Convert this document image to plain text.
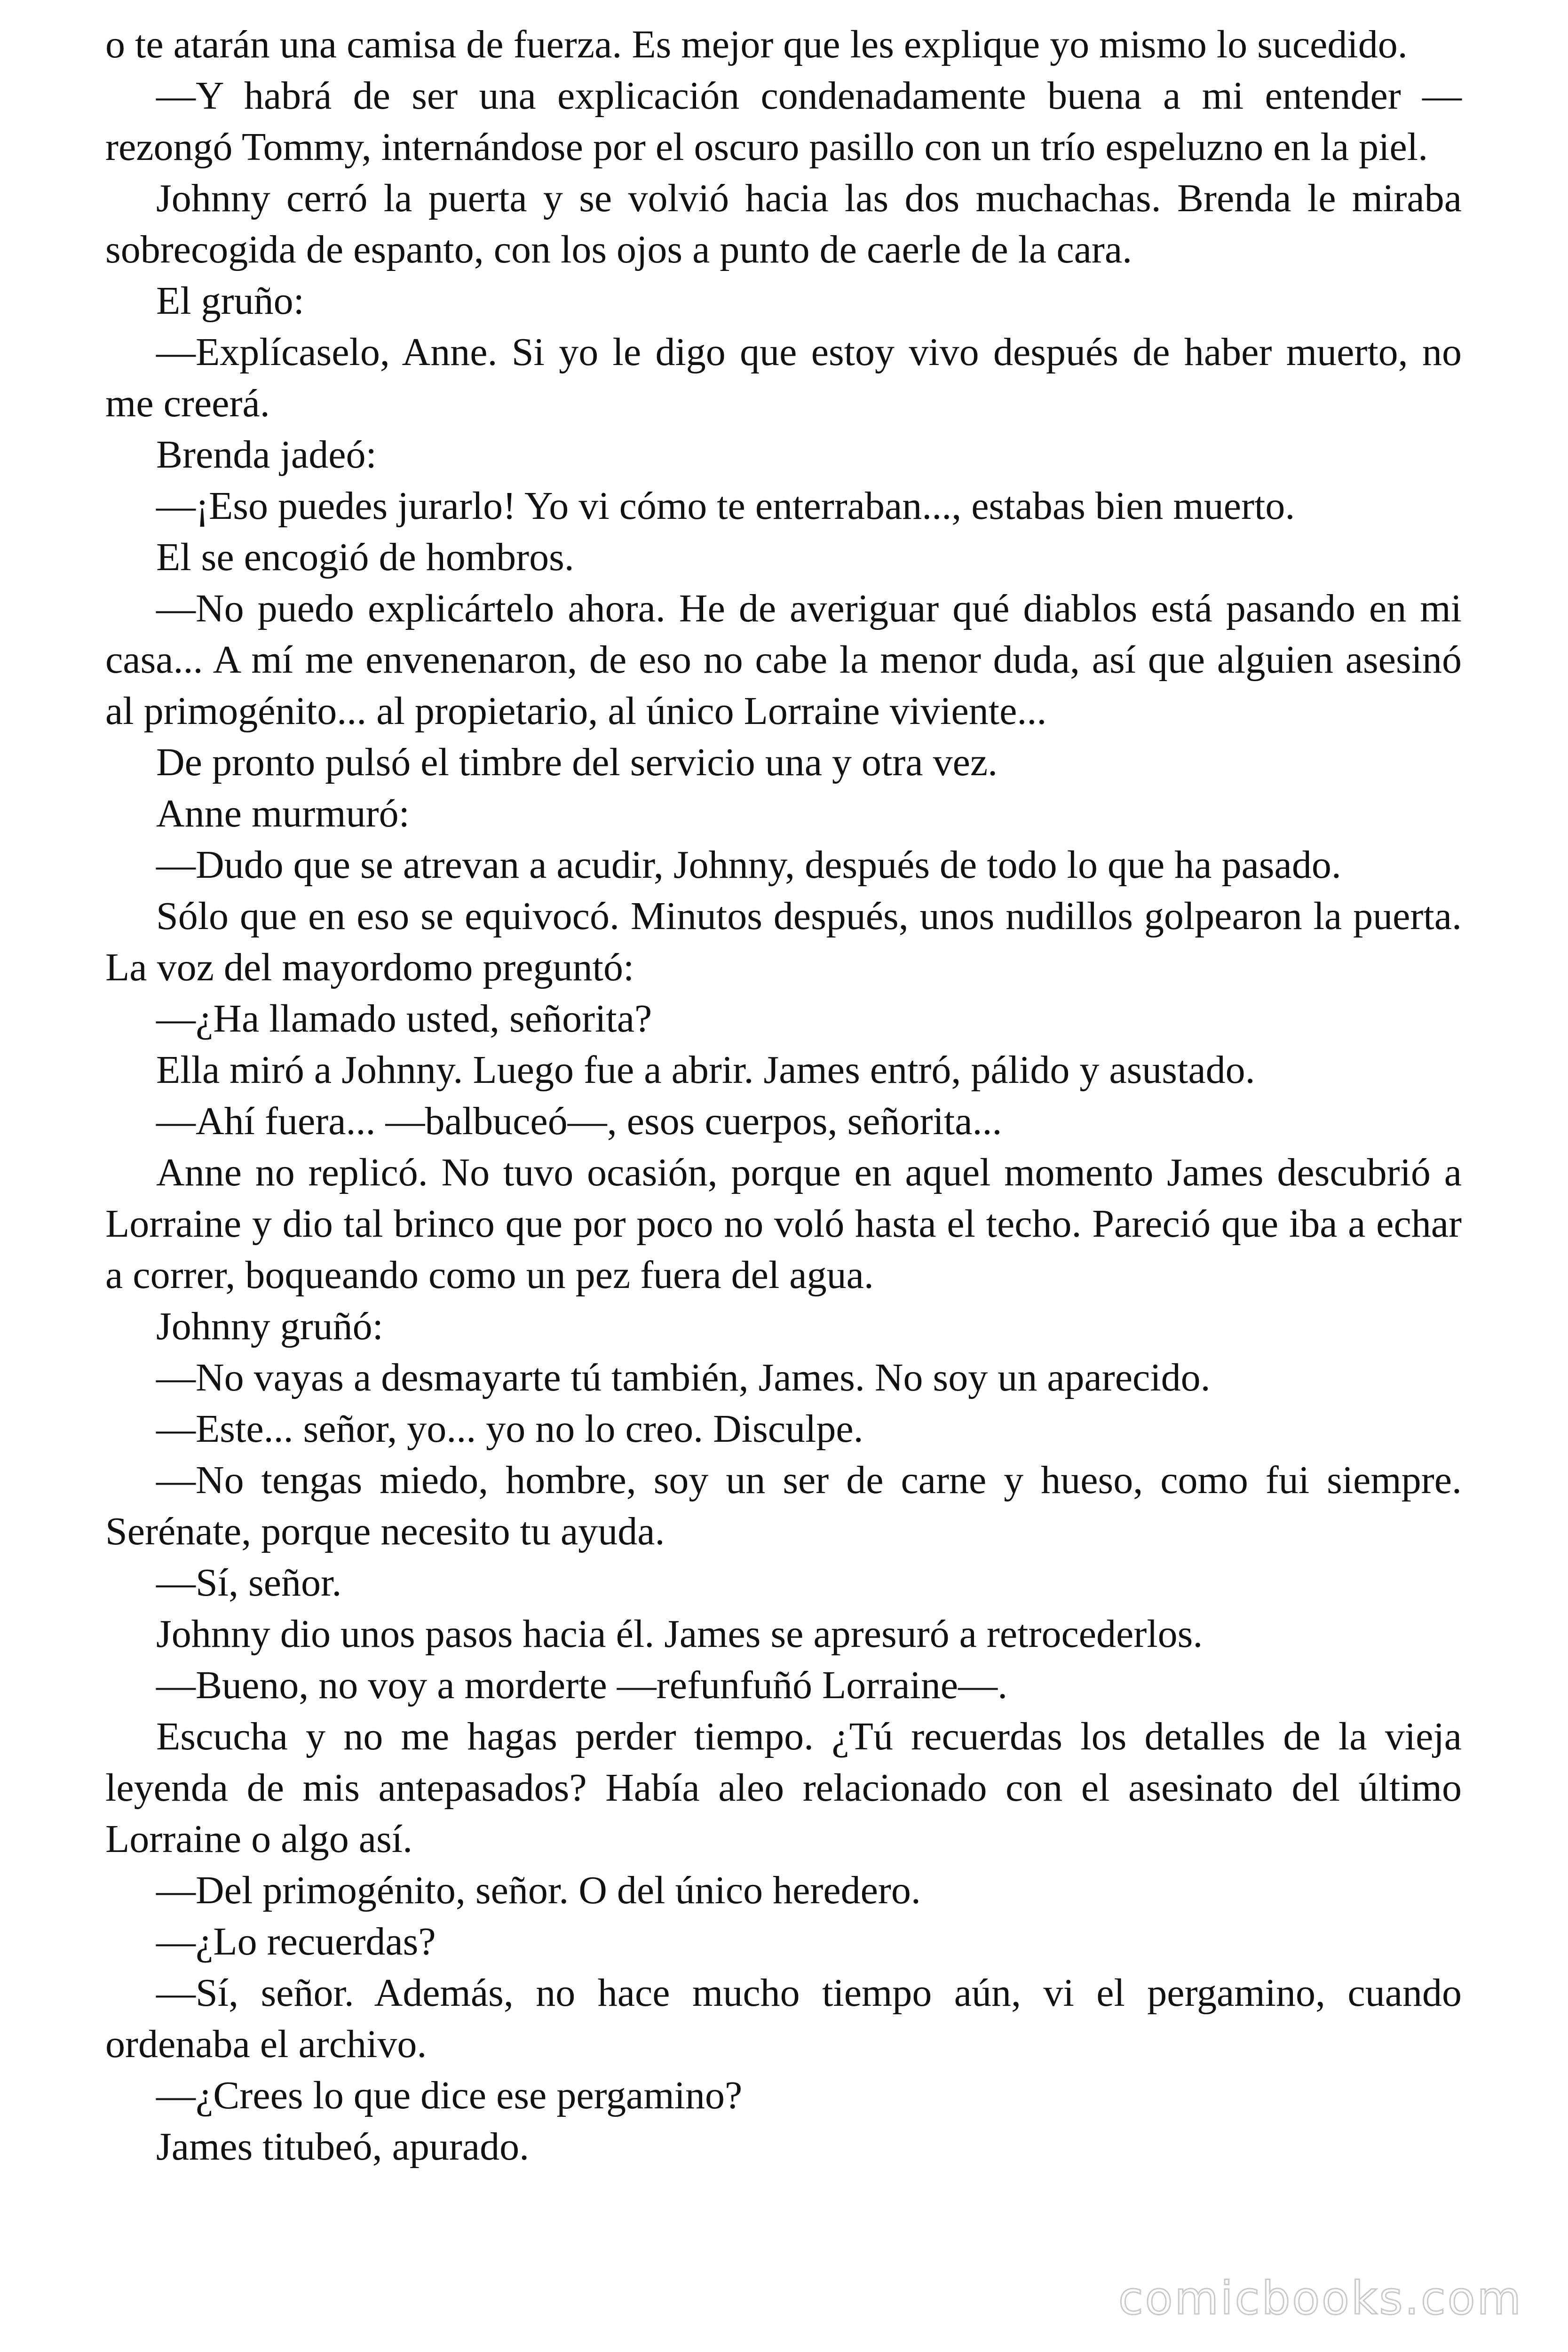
o te atarán una camisa de fuerza. Es mejor que les explique yo mismo lo sucedido.

—Y habrá de ser una explicación condenadamente buena a mi entender —rezongó Tommy, internándose por el oscuro pasillo con un trío espeluzno en la piel.

Johnny cerró la puerta y se volvió hacia las dos muchachas. Brenda le miraba sobrecogida de espanto, con los ojos a punto de caerle de la cara.

El gruño:

—Explícaselo, Anne. Si yo le digo que estoy vivo después de haber muerto, no me creerá.

Brenda jadeó:

—¡Eso puedes jurarlo! Yo vi cómo te enterraban..., estabas bien muerto.

El se encogió de hombros.

—No puedo explicártelo ahora. He de averiguar qué diablos está pasando en mi casa... A mí me envenenaron, de eso no cabe la menor duda, así que alguien asesinó al primogénito... al propietario, al único Lorraine viviente...

De pronto pulsó el timbre del servicio una y otra vez.

Anne murmuró:

—Dudo que se atrevan a acudir, Johnny, después de todo lo que ha pasado.

Sólo que en eso se equivocó. Minutos después, unos nudillos golpearon la puerta. La voz del mayordomo preguntó:

—¿Ha llamado usted, señorita?

Ella miró a Johnny. Luego fue a abrir. James entró, pálido y asustado.

—Ahí fuera... —balbuceó—, esos cuerpos, señorita...

Anne no replicó. No tuvo ocasión, porque en aquel momento James descubrió a Lorraine y dio tal brinco que por poco no voló hasta el techo. Pareció que iba a echar a correr, boqueando como un pez fuera del agua.

Johnny gruñó:

—No vayas a desmayarte tú también, James. No soy un aparecido.

—Este... señor, yo... yo no lo creo. Disculpe.

—No tengas miedo, hombre, soy un ser de carne y hueso, como fui siempre. Serénate, porque necesito tu ayuda.

—Sí, señor.

Johnny dio unos pasos hacia él. James se apresuró a retrocederlos.

—Bueno, no voy a morderte —refunfuñó Lorraine—.

Escucha y no me hagas perder tiempo. ¿Tú recuerdas los detalles de la vieja leyenda de mis antepasados? Había aleo relacionado con el asesinato del último Lorraine o algo así.

—Del primogénito, señor. O del único heredero.

—¿Lo recuerdas?

—Sí, señor. Además, no hace mucho tiempo aún, vi el pergamino, cuando ordenaba el archivo.

—¿Crees lo que dice ese pergamino?

James titubeó, apurado.

comicbooks.com
